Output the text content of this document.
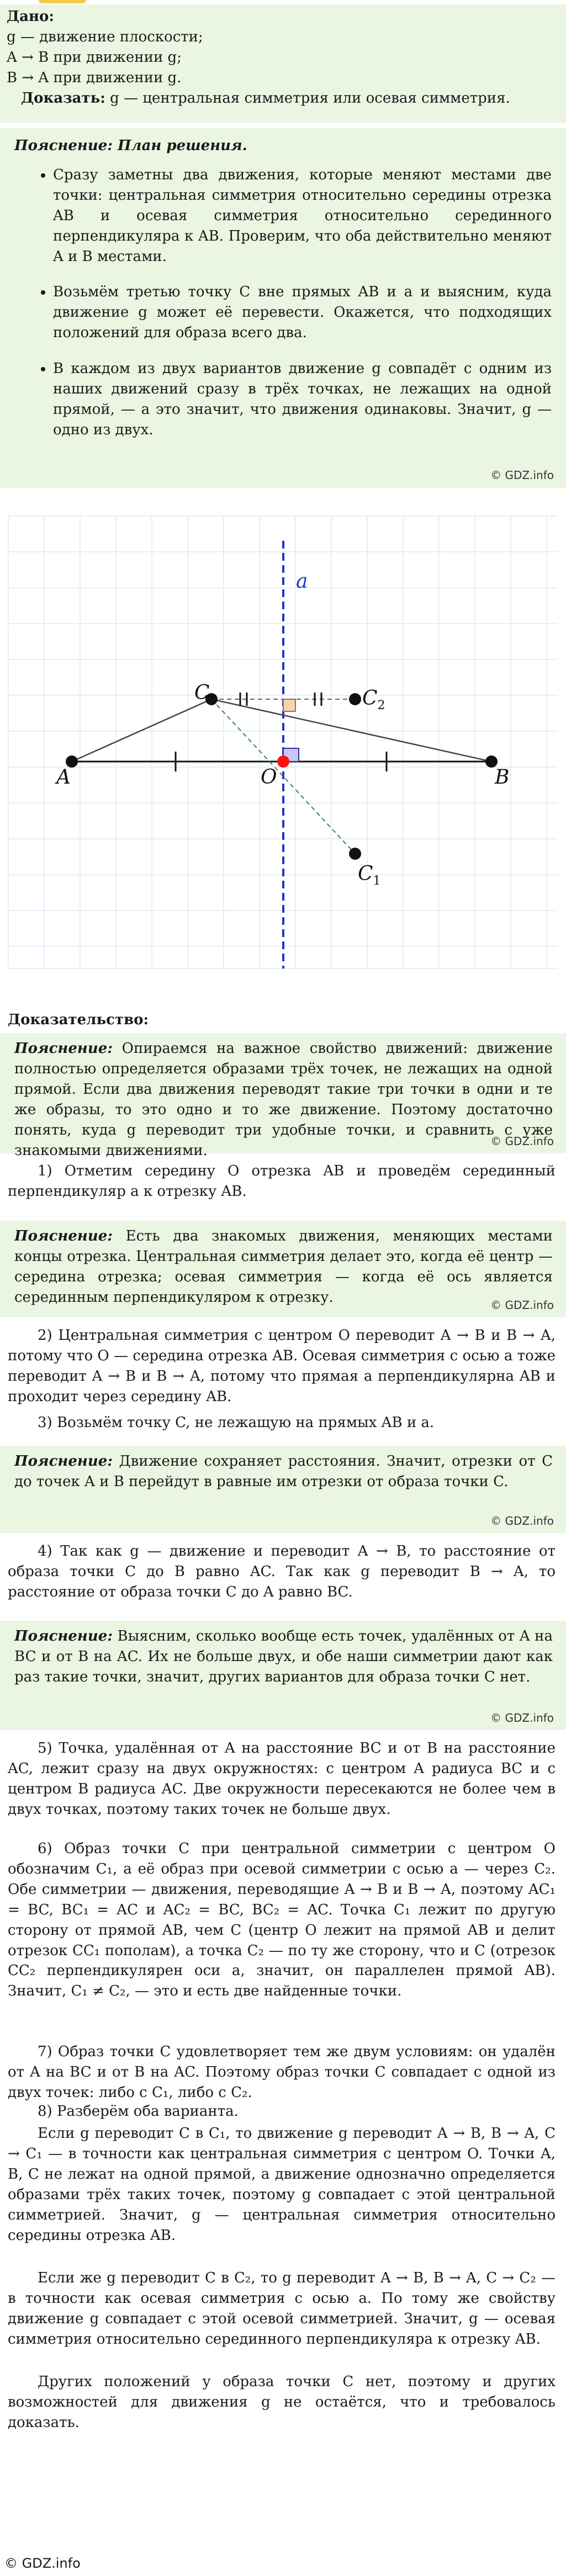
Дано:
g — движение плоскости;
A → B при движении g;
B → A при движении g.
Доказать: g — центральная симметрия или осевая симметрия.
Пояснение: План решения.
• Сразу заметны два движения, которые меняют местами две точки: центральная симметрия относительно середины отрезка AB и осевая симметрия относительно серединного перпендикуляра к AB. Проверим, что оба действительно меняют A и B местами.
• Возьмём третью точку C вне прямых AB и a и выясним, куда движение g может её перевести. Окажется, что подходящих положений для образа всего два.
• В каждом из двух вариантов движение g совпадёт с одним из наших движений сразу в трёх точках, не лежащих на одной прямой, — а это значит, что движения одинаковы. Значит, g — одно из двух.
© GDZ.info
A	B
C
O
$C_2$
$C_1$
a
Доказательство:

Пояснение: Опираемся на важное свойство движений: движение полностью определяется образами трёх точек, не лежащих на одной прямой. Если два движения переводят такие три точки в одни и те же образы, то это одно и то же движение. Поэтому достаточно понять, куда g переводит три удобные точки, и сравнить с уже знакомыми движениями.

© GDZ.info

1) Отметим середину O отрезка AB и проведём серединный перпендикуляр a к отрезку AB.

Пояснение: Есть два знакомых движения, меняющих местами концы отрезка. Центральная симметрия делает это, когда её центр — середина отрезка; осевая симметрия — когда её ось является серединным перпендикуляром к отрезку.	© GDZ.info

2) Центральная симметрия с центром O переводит A → B и B → A, потому что O — середина отрезка AB. Осевая симметрия с осью a тоже переводит A → B и B → A, потому что прямая a перпендикулярна AB и проходит через середину AB.

3) Возьмём точку C, не лежащую на прямых AB и a.

Пояснение: Движение сохраняет расстояния. Значит, отрезки от C до точек A и B перейдут в равные им отрезки от образа точки C.

© GDZ.info

4) Так как g — движение и переводит A → B, то расстояние от образа точки C до B равно AC. Так как g переводит B → A, то расстояние от образа точки C до A равно BC.

Пояснение: Выясним, сколько вообще есть точек, удалённых от A на BC и от B на AC. Их не больше двух, и обе наши симметрии дают как раз такие точки, значит, других вариантов для образа точки C нет.

© GDZ.info

5) Точка, удалённая от A на расстояние BC и от B на расстояние AC, лежит сразу на двух окружностях: с центром A радиуса BC и с центром B радиуса AC. Две окружности пересекаются не более чем в двух точках, поэтому таких точек не больше двух.

6) Образ точки C при центральной симметрии с центром O обозначим C₁, а её образ при осевой симметрии с осью a — через C₂. Обе симметрии — движения, переводящие A → B и B → A, поэтому AC₁ = BC, BC₁ = AC и AC₂ = BC, BC₂ = AC. Точка C₁ лежит по другую сторону от прямой AB, чем C (центр O лежит на прямой AB и делит отрезок CC₁ пополам), а точка C₂ — по ту же сторону, что и C (отрезок CC₂ перпендикулярен оси a, значит, он параллелен прямой AB). Значит, C₁ ≠ C₂, — это и есть две найденные точки.

7) Образ точки C удовлетворяет тем же двум условиям: он удалён от A на BC и от B на AC. Поэтому образ точки C совпадает с одной из двух точек: либо с C₁, либо с C₂.

8) Разберём оба варианта.

Если g переводит C в C₁, то движение g переводит A → B, B → A, C → C₁ — в точности как центральная симметрия с центром O. Точки A, B, C не лежат на одной прямой, а движение однозначно определяется образами трёх таких точек, поэтому g совпадает с этой центральной симметрией. Значит, g — центральная симметрия относительно середины отрезка AB.

Если же g переводит C в C₂, то g переводит A → B, B → A, C → C₂ — в точности как осевая симметрия с осью a. По тому же свойству движение g совпадает с этой осевой симметрией. Значит, g — осевая симметрия относительно серединного перпендикуляра к отрезку AB.

Других положений у образа точки C нет, поэтому и других возможностей для движения g не остаётся, что и требовалось доказать.

© GDZ.info
